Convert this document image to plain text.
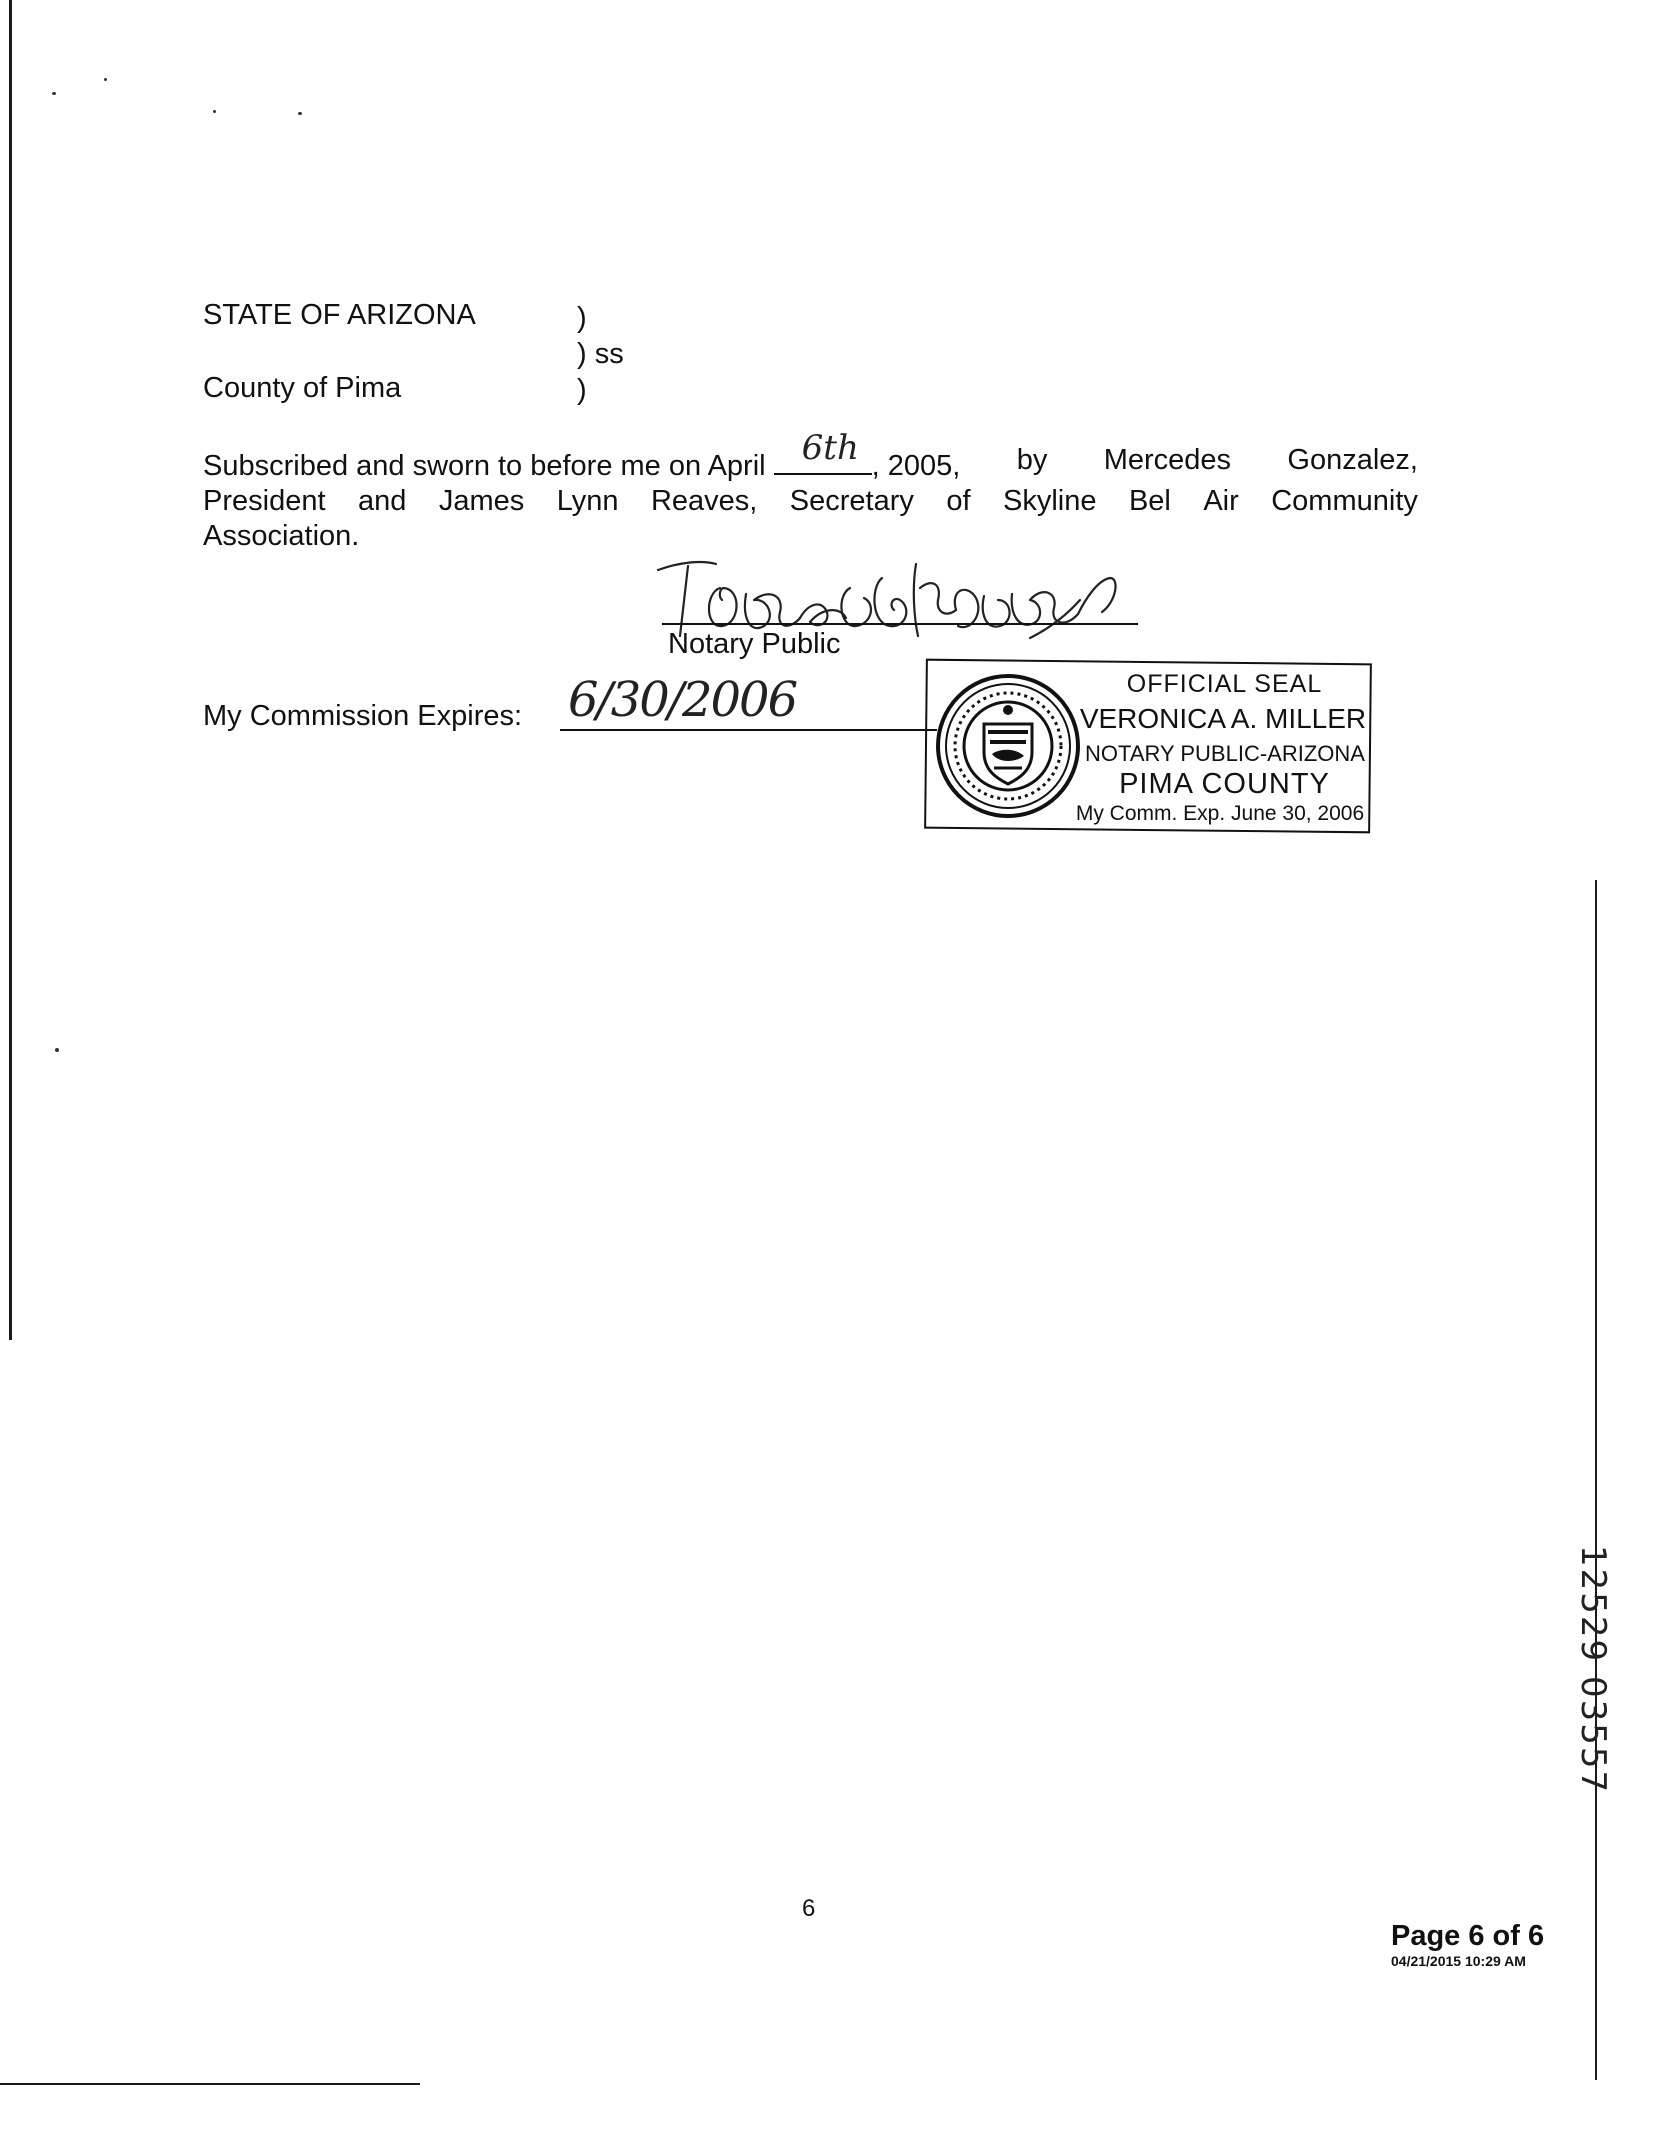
STATE OF ARIZONA	)
) ss
County of Pima	)
Subscribed and sworn to before me on April 6th , 2005, by Mercedes Gonzalez,
President and James Lynn Reaves, Secretary of Skyline Bel Air Community
Association.
Notary Public
My Commission Expires: 6/30/2006	OFFICIAL SEAL
VERONICA A. MILLER
NOTARY PUBLIC-ARIZONA
PIMA COUNTY
My Comm. Exp. June 30, 2006
12529 03557
6
Page 6 of 6
04/21/2015 10:29 AM
